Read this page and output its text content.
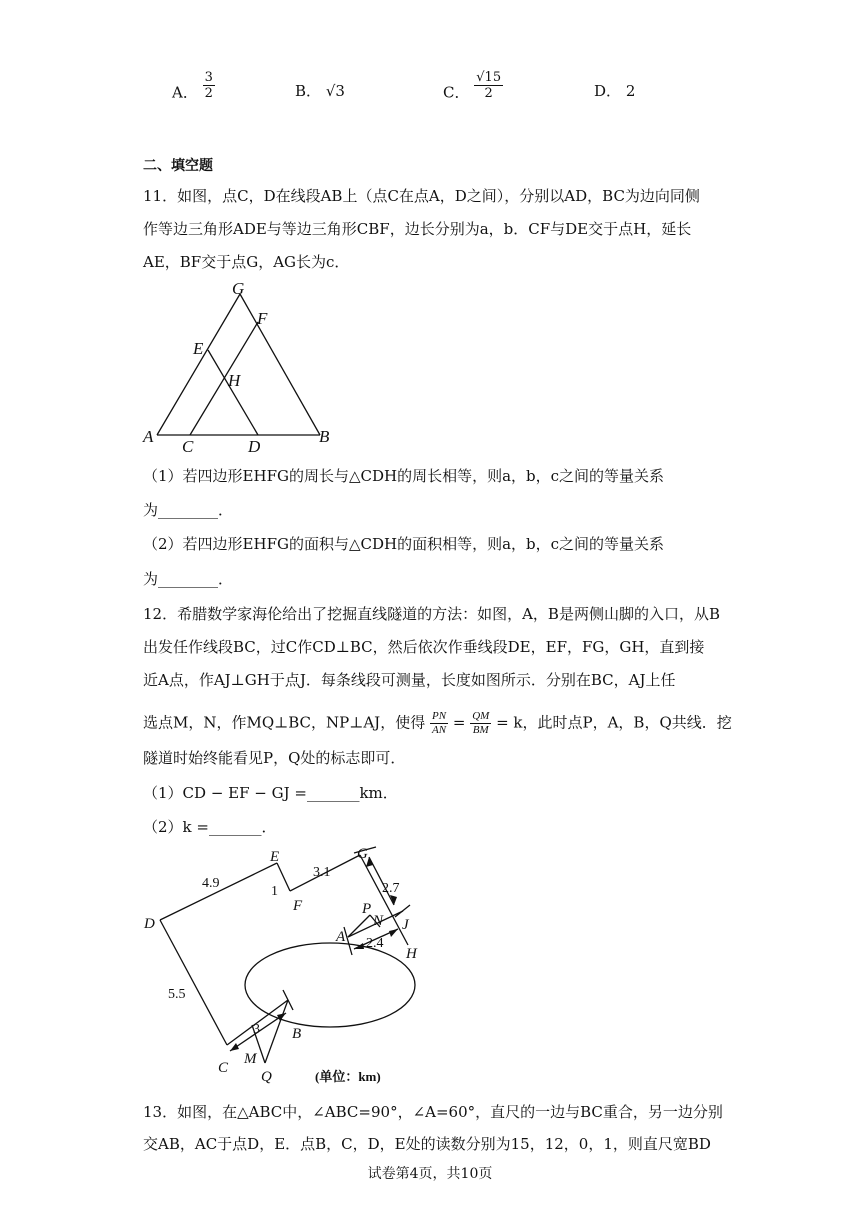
A． $\frac{3}{2}$	B． √3	C． $\frac{√15}{2}$	D． 2
二、填空题
11．如图，点C，D在线段AB上（点C在点A，D之间），分别以AD，BC为边向同侧
作等边三角形ADE与等边三角形CBF，边长分别为a，b．CF与DE交于点H，延长
AE，BF交于点G，AG长为c．
G
F
E
H
A
C	D
B
（1）若四边形EHFG的周长与△CDH的周长相等，则a，b，c之间的等量关系
为________．
（2）若四边形EHFG的面积与△CDH的面积相等，则a，b，c之间的等量关系
为________．
12．希腊数学家海伦给出了挖掘直线隧道的方法：如图，A，B是两侧山脚的入口，从B
出发任作线段BC，过C作CD⊥BC，然后依次作垂线段DE，EF，FG，GH，直到接
近A点，作AJ⊥GH于点J．每条线段可测量，长度如图所示．分别在BC，AJ上任
选点M，N，作MQ⊥BC，NP⊥AJ，使得 $\frac{PN}{AN} = \frac{QM}{BM} = k$，此时点P，A，B，Q共线．挖
隧道时始终能看见P，Q处的标志即可．
（1）CD − EF − GJ =_______km．
（2）k =_______．
E	G
D
F	P
N J
A
H
B
C
M
Q
4.9
1
3.1
2.7
2.4
5.5
3
(单位：km)
13．如图，在△ABC中，∠ABC=90°，∠A=60°，直尺的一边与BC重合，另一边分别
交AB，AC于点D，E．点B，C，D，E处的读数分别为15，12，0，1，则直尺宽BD
试卷第4页，共10页
